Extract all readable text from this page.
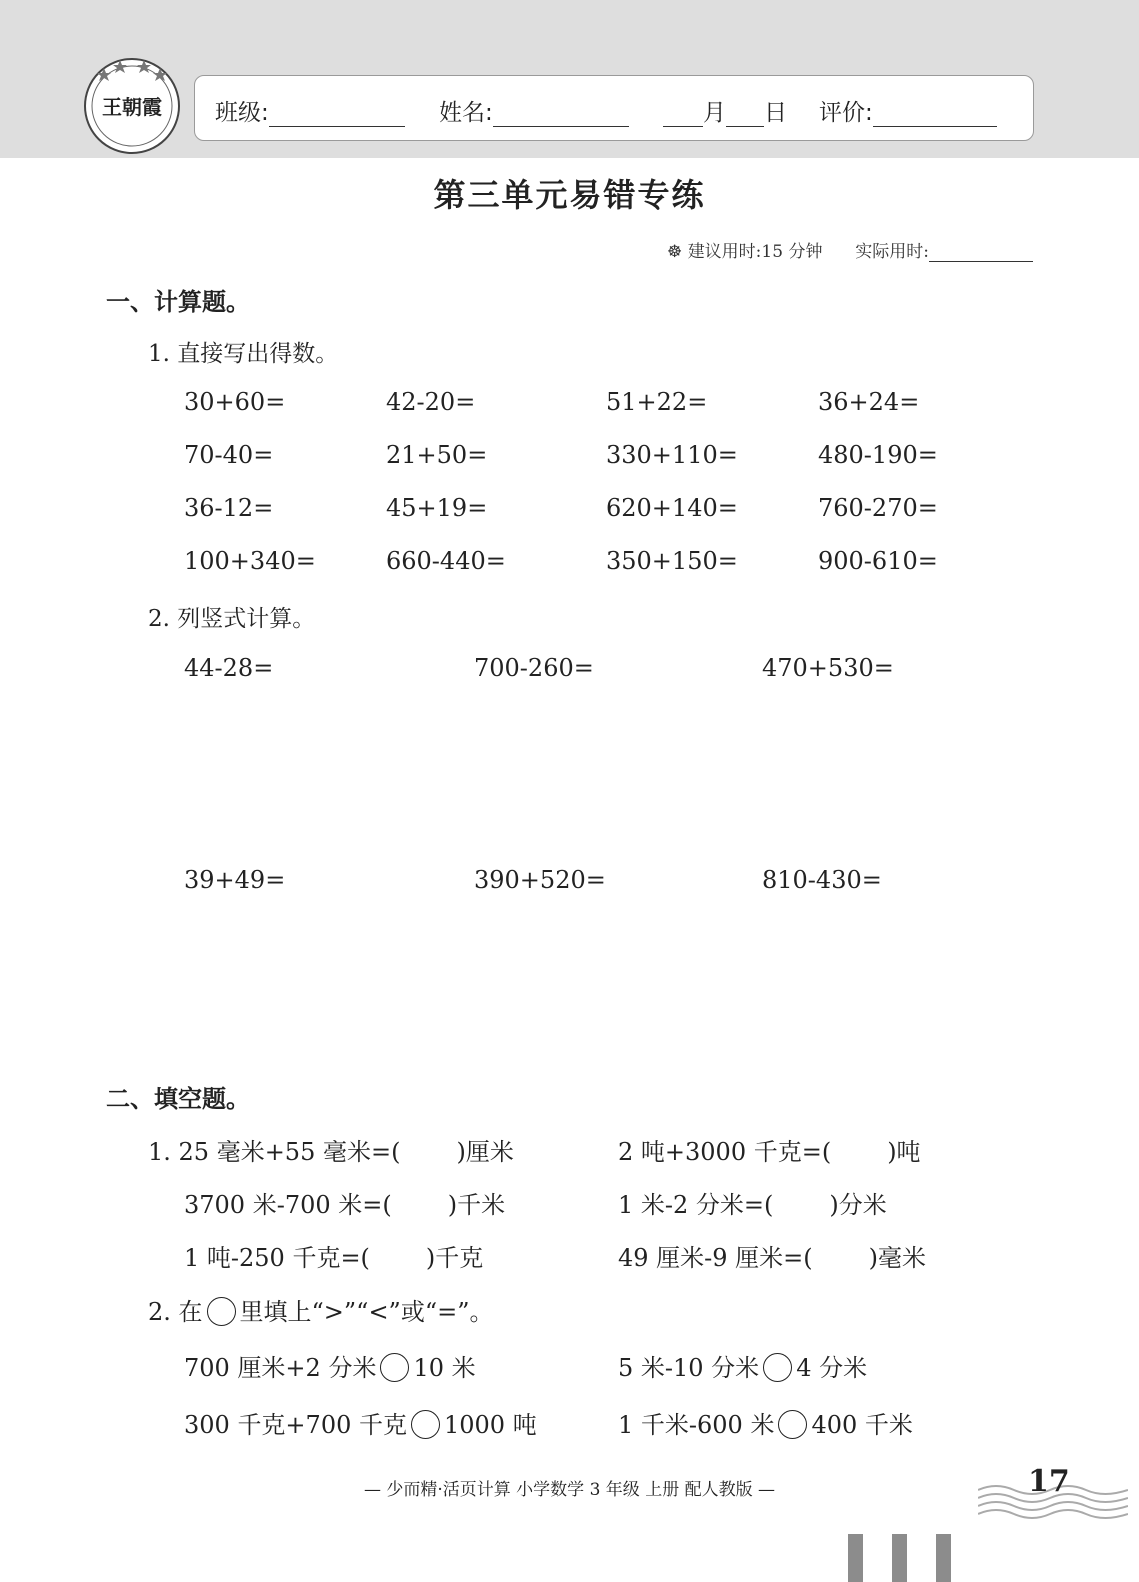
王朝霞 班级:	姓名:	月 日 评价:
第三单元易错专练
☸ 建议用时:15 分钟 实际用时:
一、计算题。
1. 直接写出得数。
30+60=	42-20=	51+22=	36+24=
70-40=	21+50=	330+110=	480-190=
36-12=	45+19=	620+140=	760-270=
100+340=	660-440=	350+150=	900-610=
2. 列竖式计算。
44-28=	700-260=	470+530=
39+49=	390+520=	810-430=
二、填空题。
1. 25 毫米+55 毫米=( )厘米	2 吨+3000 千克=( )吨
3700 米-700 米=( )千米	1 米-2 分米=( )分米
1 吨-250 千克=( )千克	49 厘米-9 厘米=( )毫米
2. 在 里填上“>”“<”或“=”。
700 厘米+2 分米 10 米	5 米-10 分米 4 分米
300 千克+700 千克 1000 吨	1 千米-600 米 400 千米
— 少而精·活页计算 小学数学 3 年级 上册 配人教版 —	17
